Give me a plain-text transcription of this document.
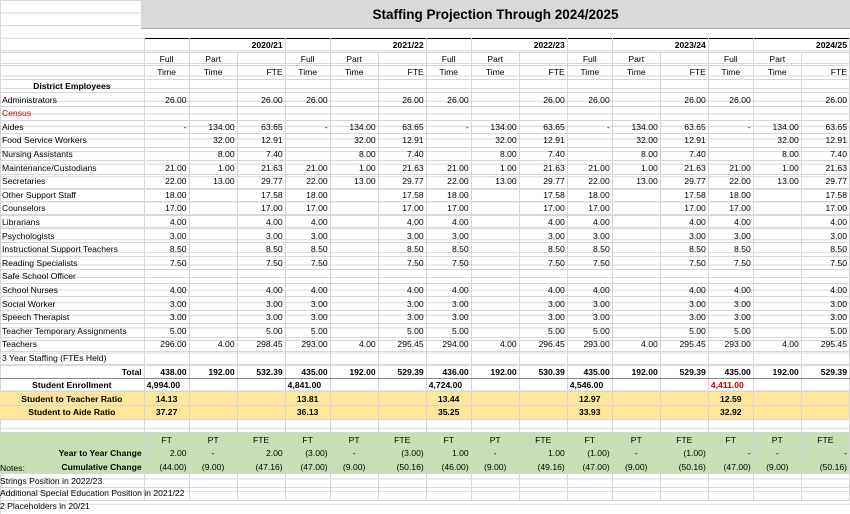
Staffing Projection Through 2024/2025
		2020/21			2021/22			2022/23			2023/24			2024/25	
	Full	Part		Full	Part		Full	Part		Full	Part		Full	Part	
	Time	Time	FTE	Time	Time	FTE	Time	Time	FTE	Time	Time	FTE	Time	Time	FTE
District Employees															
Administrators	26.00		26.00	26.00		26.00	26.00		26.00	26.00		26.00	26.00		26.00
Census															
Aides	-	134.00	63.65	-	134.00	63.65	-	134.00	63.65	-	134.00	63.65	-	134.00	63.65
Food Service Workers		32.00	12.91		32.00	12.91		32.00	12.91		32.00	12.91		32.00	12.91
Nursing Assistants		8.00	7.40		8.00	7.40		8.00	7.40		8.00	7.40		8.00	7.40
Maintenance/Custodians	21.00	1.00	21.63	21.00	1.00	21.63	21.00	1.00	21.63	21.00	1.00	21.63	21.00	1.00	21.63
Secretaries	22.00	13.00	29.77	22.00	13.00	29.77	22.00	13.00	29.77	22.00	13.00	29.77	22.00	13.00	29.77
Other Support Staff	18.00		17.58	18.00		17.58	18.00		17.58	18.00		17.58	18.00		17.58
Counselors	17.00		17.00	17.00		17.00	17.00		17.00	17.00		17.00	17.00		17.00
Librarians	4.00		4.00	4.00		4.00	4.00		4.00	4.00		4.00	4.00		4.00
Psychologists	3.00		3.00	3.00		3.00	3.00		3.00	3.00		3.00	3.00		3.00
Instructional Support Teachers	8.50		8.50	8.50		8.50	8.50		8.50	8.50		8.50	8.50		8.50
Reading Specialists	7.50		7.50	7.50		7.50	7.50		7.50	7.50		7.50	7.50		7.50
Safe School Officer															
School Nurses	4.00		4.00	4.00		4.00	4.00		4.00	4.00		4.00	4.00		4.00
Social Worker	3.00		3.00	3.00		3.00	3.00		3.00	3.00		3.00	3.00		3.00
Speech Therapist	3.00		3.00	3.00		3.00	3.00		3.00	3.00		3.00	3.00		3.00
Teacher Temporary Assignments	5.00		5.00	5.00		5.00	5.00		5.00	5.00		5.00	5.00		5.00
Teachers	296.00	4.00	298.45	293.00	4.00	295.45	294.00	4.00	296.45	293.00	4.00	295.45	293.00	4.00	295.45
3 Year Staffing (FTEs Held)															
Total	438.00	192.00	532.39	435.00	192.00	529.39	436.00	192.00	530.39	435.00	192.00	529.39	435.00	192.00	529.39
Student Enrollment	4,994.00			4,841.00			4,724.00			4,546.00			4,411.00		
Student to Teacher Ratio	14.13			13.81			13.44			12.97			12.59		
Student to Aide Ratio	37.27			36.13			35.25			33.93			32.92		

	FT	PT	FTE	FT	PT	FTE	FT	PT	FTE	FT	PT	FTE	FT	PT	FTE
Year to Year Change	2.00	-	2.00	(3.00)	-	(3.00)	1.00	-	1.00	(1.00)	-	(1.00)	-	-	-
Cumulative Change	(44.00)	(9.00)	(47.16)	(47.00)	(9.00)	(50.16)	(46.00)	(9.00)	(49.16)	(47.00)	(9.00)	(50.16)	(47.00)	(9.00)	(50.16)

Notes:
Strings Position in 2022/23
Additional Special Education Position in 2021/22
2 Placeholders in 20/21
